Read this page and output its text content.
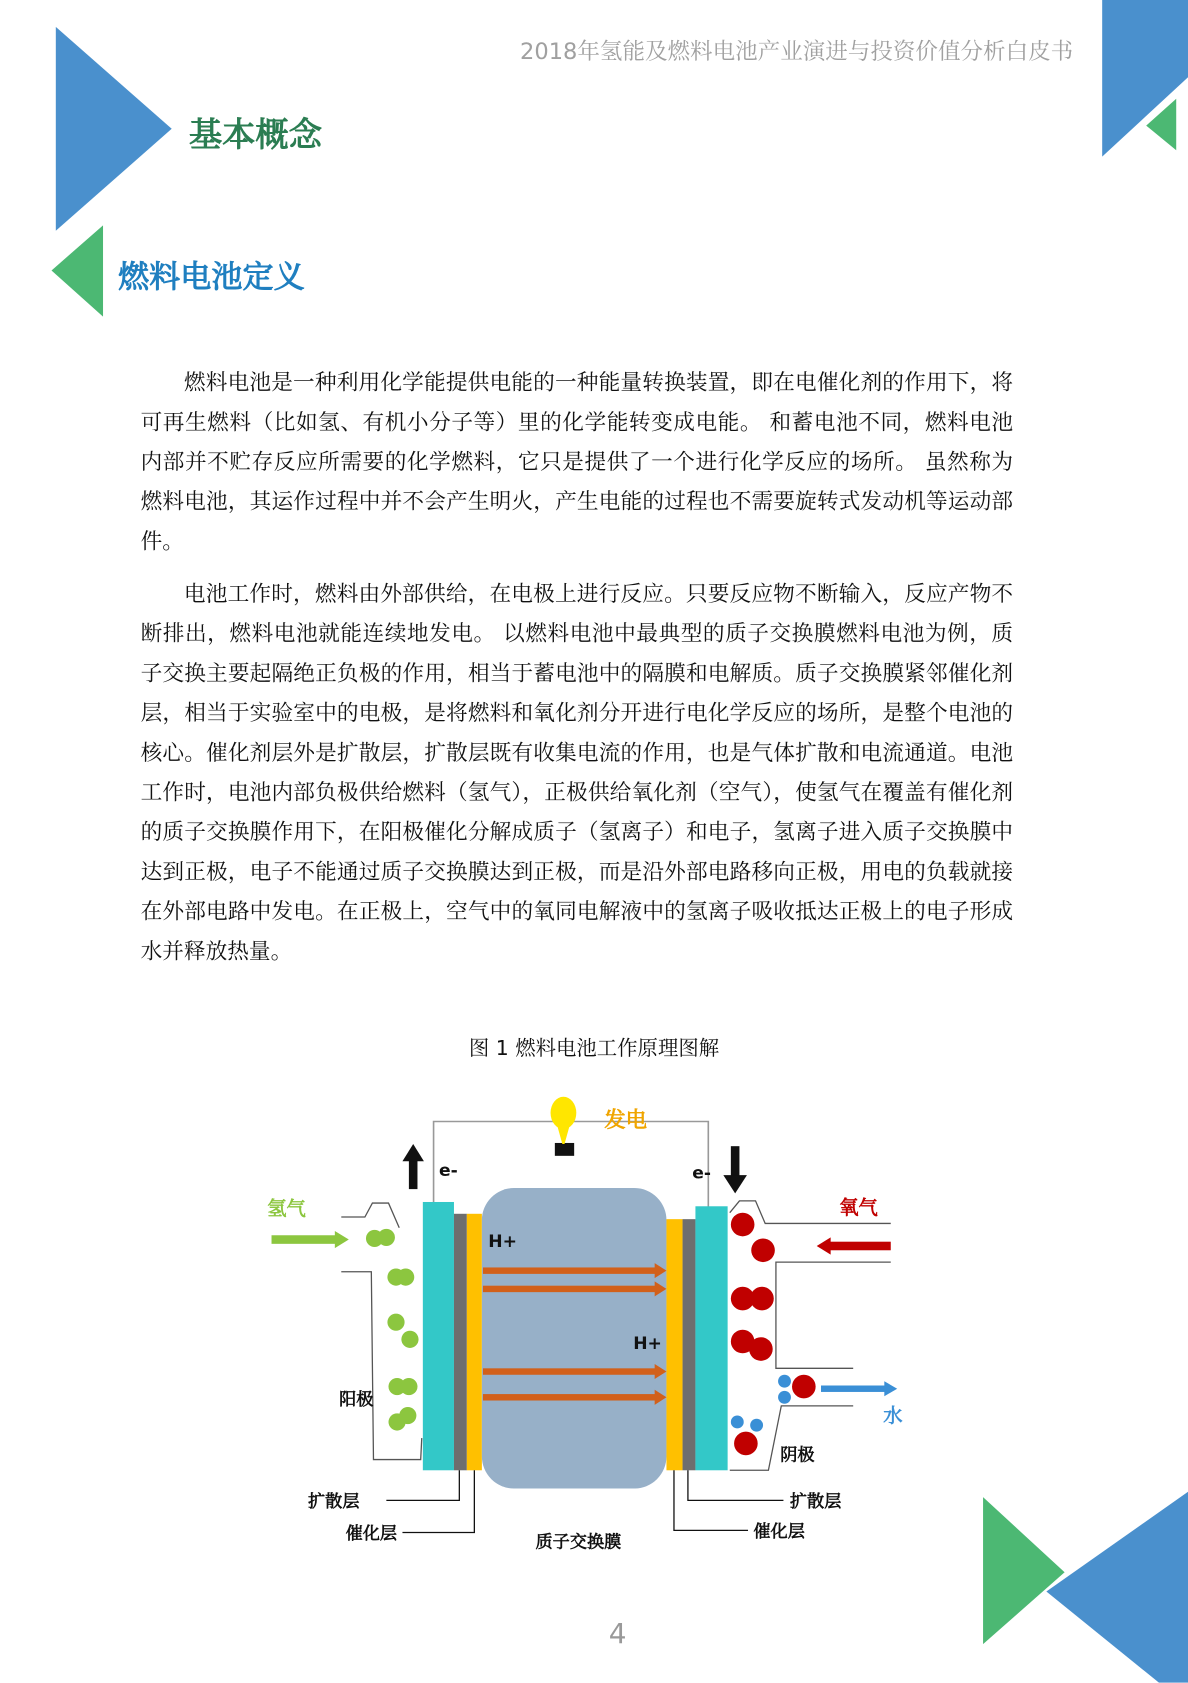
发电
e-	e-
氢气
阳极
H+
H+
氧气
水
阴极
扩散层
催化层
扩散层
催化层
质子交换膜
2018年氢能及燃料电池产业演进与投资价值分析白皮书
基本概念
燃料电池定义

燃料电池是一种利用化学能提供电能的一种能量转换装置，即在电催化剂的作用下，将可再生燃料（比如氢、有机小分子等）里的化学能转变成电能。 和蓄电池不同，燃料电池内部并不贮存反应所需要的化学燃料，它只是提供了一个进行化学反应的场所。 虽然称为燃料电池，其运作过程中并不会产生明火，产生电能的过程也不需要旋转式发动机等运动部件。

电池工作时，燃料由外部供给，在电极上进行反应。只要反应物不断输入，反应产物不断排出，燃料电池就能连续地发电。 以燃料电池中最典型的质子交换膜燃料电池为例，质子交换主要起隔绝正负极的作用，相当于蓄电池中的隔膜和电解质。质子交换膜紧邻催化剂层，相当于实验室中的电极，是将燃料和氧化剂分开进行电化学反应的场所，是整个电池的核心。催化剂层外是扩散层，扩散层既有收集电流的作用，也是气体扩散和电流通道。电池工作时，电池内部负极供给燃料（氢气），正极供给氧化剂（空气），使氢气在覆盖有催化剂的质子交换膜作用下，在阳极催化分解成质子（氢离子）和电子，氢离子进入质子交换膜中达到正极，电子不能通过质子交换膜达到正极，而是沿外部电路移向正极，用电的负载就接在外部电路中发电。在正极上，空气中的氧同电解液中的氢离子吸收抵达正极上的电子形成水并释放热量。

图 1 燃料电池工作原理图解
4
